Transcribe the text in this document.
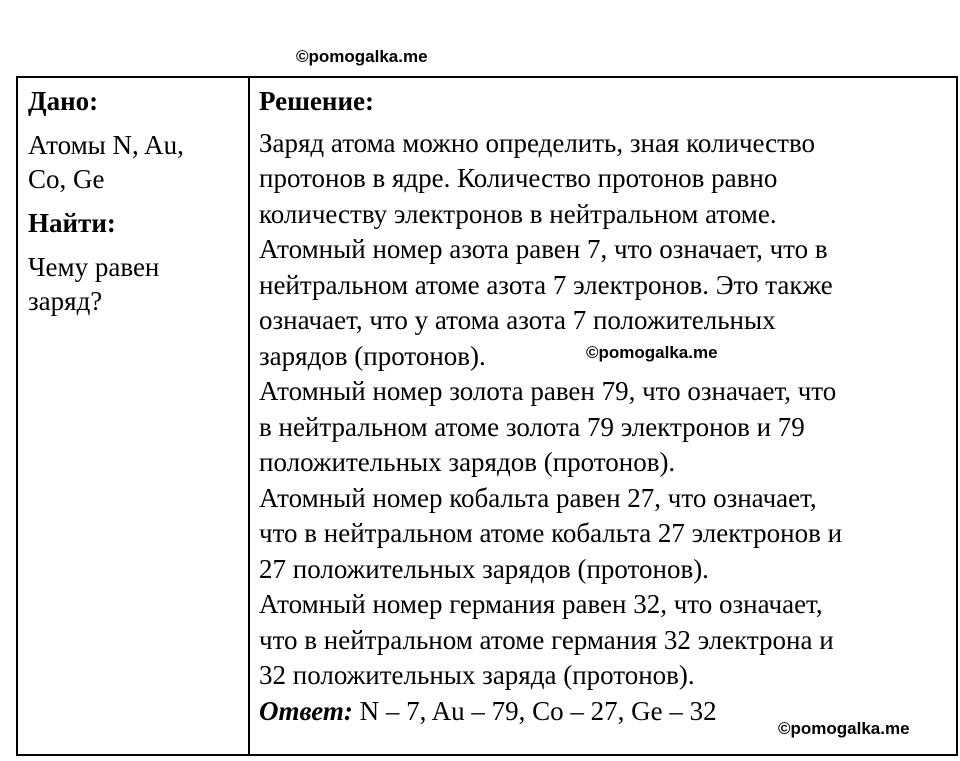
©pomogalka.me

Дано:

Атомы N, Au,
Co, Ge

Найти:

Чему равен
заряд?

Решение:

Заряд атома можно определить, зная количество
протонов в ядре. Количество протонов равно
количеству электронов в нейтральном атоме.
Атомный номер азота равен 7, что означает, что в
нейтральном атоме азота 7 электронов. Это также
означает, что у атома азота 7 положительных
зарядов (протонов).
Атомный номер золота равен 79, что означает, что
в нейтральном атоме золота 79 электронов и 79
положительных зарядов (протонов).
Атомный номер кобальта равен 27, что означает,
что в нейтральном атоме кобальта 27 электронов и
27 положительных зарядов (протонов).
Атомный номер германия равен 32, что означает,
что в нейтральном атоме германия 32 электрона и
32 положительных заряда (протонов).
Ответ: N – 7, Au – 79, Co – 27, Ge – 32

©pomogalka.me
©pomogalka.me
